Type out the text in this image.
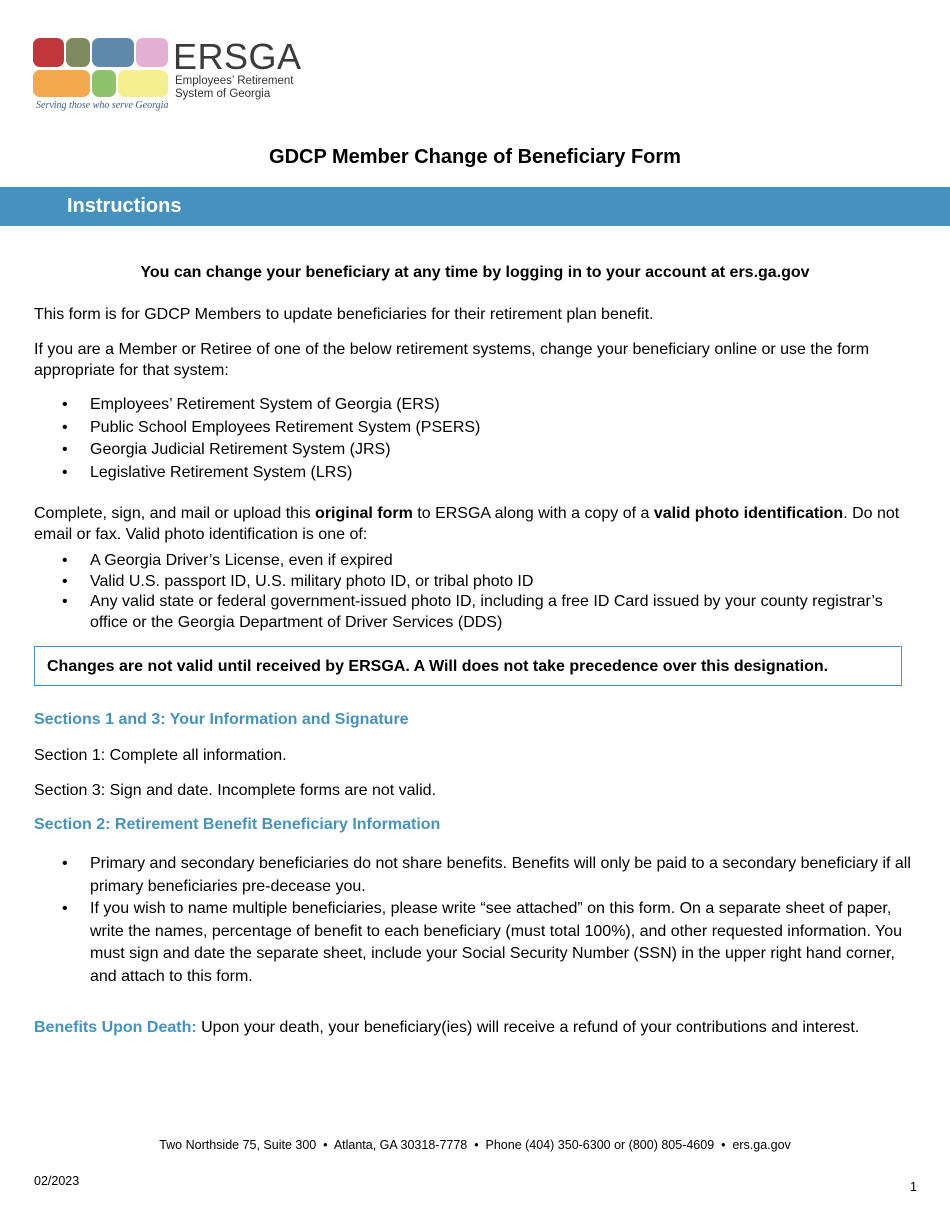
ERSGA
Employees’ Retirement
System of Georgia
Serving those who serve Georgia
GDCP Member Change of Beneficiary Form
Instructions
You can change your beneficiary at any time by logging in to your account at ers.ga.gov
This form is for GDCP Members to update beneficiaries for their retirement plan benefit.
If you are a Member or Retiree of one of the below retirement systems, change your beneficiary online or use the form appropriate for that system:
• Employees’ Retirement System of Georgia (ERS)
• Public School Employees Retirement System (PSERS)
• Georgia Judicial Retirement System (JRS)
• Legislative Retirement System (LRS)
Complete, sign, and mail or upload this original form to ERSGA along with a copy of a valid photo identification. Do not email or fax. Valid photo identification is one of:
• A Georgia Driver’s License, even if expired
• Valid U.S. passport ID, U.S. military photo ID, or tribal photo ID
• Any valid state or federal government-issued photo ID, including a free ID Card issued by your county registrar’s office or the Georgia Department of Driver Services (DDS)
Changes are not valid until received by ERSGA. A Will does not take precedence over this designation.
Sections 1 and 3: Your Information and Signature
Section 1: Complete all information.
Section 3: Sign and date. Incomplete forms are not valid.
Section 2: Retirement Benefit Beneficiary Information
• Primary and secondary beneficiaries do not share benefits. Benefits will only be paid to a secondary beneficiary if all primary beneficiaries pre-decease you.
• If you wish to name multiple beneficiaries, please write “see attached” on this form. On a separate sheet of paper, write the names, percentage of benefit to each beneficiary (must total 100%), and other requested information. You must sign and date the separate sheet, include your Social Security Number (SSN) in the upper right hand corner, and attach to this form.
Benefits Upon Death: Upon your death, your beneficiary(ies) will receive a refund of your contributions and interest.
Two Northside 75, Suite 300  •  Atlanta, GA 30318-7778  •  Phone (404) 350-6300 or (800) 805-4609  •  ers.ga.gov
02/2023	1
